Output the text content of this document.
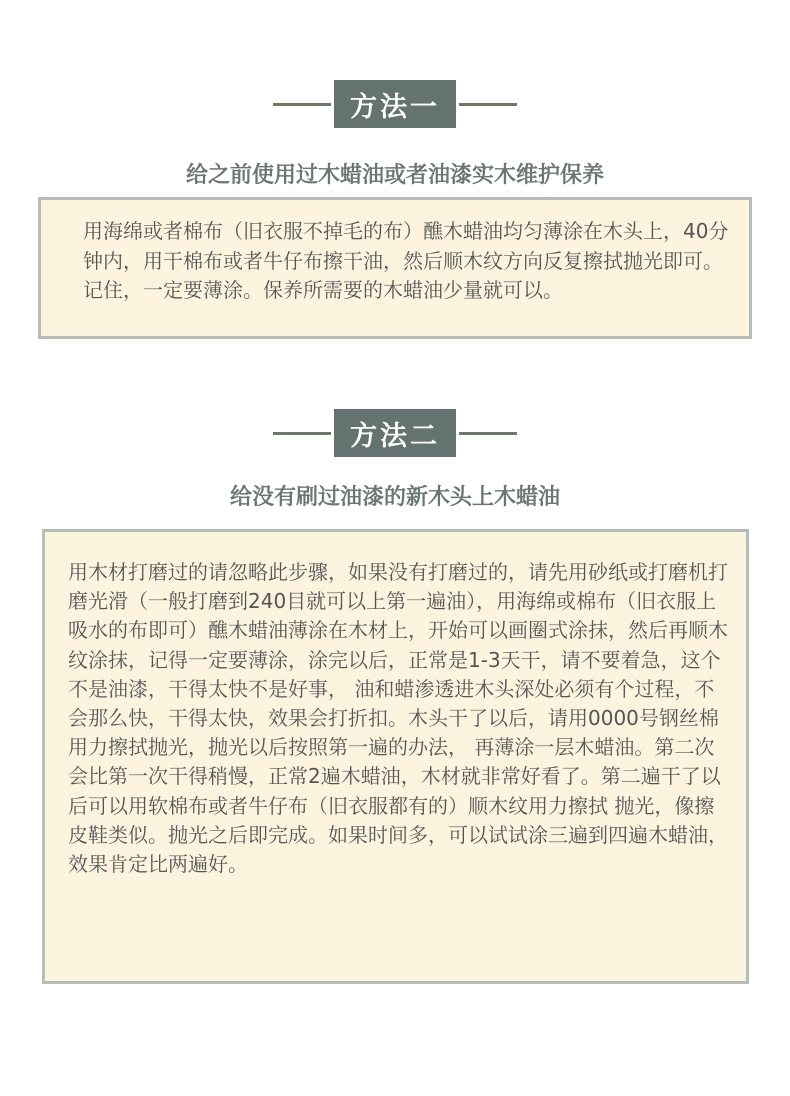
方法一
给之前使用过木蜡油或者油漆实木维护保养

用海绵或者棉布（旧衣服不掉毛的布）醮木蜡油均匀薄涂在木头上，40分钟内，用干棉布或者牛仔布擦干油，然后顺木纹方向反复擦拭抛光即可。记住，一定要薄涂。保养所需要的木蜡油少量就可以。

方法二
给没有刷过油漆的新木头上木蜡油

用木材打磨过的请忽略此步骤，如果没有打磨过的，请先用砂纸或打磨机打磨光滑（一般打磨到240目就可以上第一遍油），用海绵或棉布（旧衣服上吸水的布即可）醮木蜡油薄涂在木材上，开始可以画圈式涂抹，然后再顺木纹涂抹，记得一定要薄涂，涂完以后，正常是1-3天干，请不要着急，这个不是油漆，干得太快不是好事， 油和蜡渗透进木头深处必须有个过程，不会那么快，干得太快，效果会打折扣。木头干了以后，请用0000号钢丝棉用力擦拭抛光，抛光以后按照第一遍的办法， 再薄涂一层木蜡油。第二次会比第一次干得稍慢，正常2遍木蜡油，木材就非常好看了。第二遍干了以后可以用软棉布或者牛仔布（旧衣服都有的）顺木纹用力擦拭 抛光，像擦皮鞋类似。抛光之后即完成。如果时间多，可以试试涂三遍到四遍木蜡油，效果肯定比两遍好。
